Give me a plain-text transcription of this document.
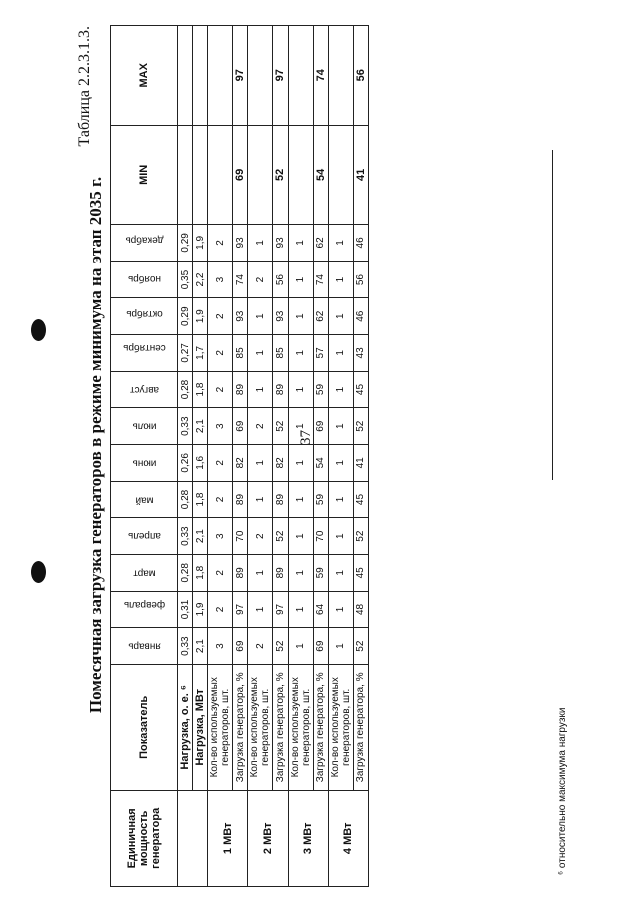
37
Таблица 2.2.3.1.3.
Помесячная загрузка генераторов в режиме минимума на этап 2035 г.
Единичная мощность генератора	Показатель	январь	февраль	март	апрель	май	июнь	июль	август	сентябрь	октябрь	ноябрь	декабрь	MIN	MAX
	Нагрузка, о. е. ⁶	0,33	0,31	0,28	0,33	0,28	0,26	0,33	0,28	0,27	0,29	0,35	0,29		
	Нагрузка, МВт	2,1	1,9	1,8	2,1	1,8	1,6	2,1	1,8	1,7	1,9	2,2	1,9		
1 МВт	Кол-во используемых генераторов, шт.	3	2	2	3	2	2	3	2	2	2	3	2		
	Загрузка генератора, %	69	97	89	70	89	82	69	89	85	93	74	93	69	97
2 МВт	Кол-во используемых генераторов, шт.	2	1	1	2	1	1	2	1	1	1	2	1		
	Загрузка генератора, %	52	97	89	52	89	82	52	89	85	93	56	93	52	97
3 МВт	Кол-во используемых генераторов, шт.	1	1	1	1	1	1	1	1	1	1	1	1		
	Загрузка генератора, %	69	64	59	70	59	54	69	59	57	62	74	62	54	74
4 МВт	Кол-во используемых генераторов, шт.	1	1	1	1	1	1	1	1	1	1	1	1		
	Загрузка генератора, %	52	48	45	52	45	41	52	45	43	46	56	46	41	56
⁶ относительно максимума нагрузки
